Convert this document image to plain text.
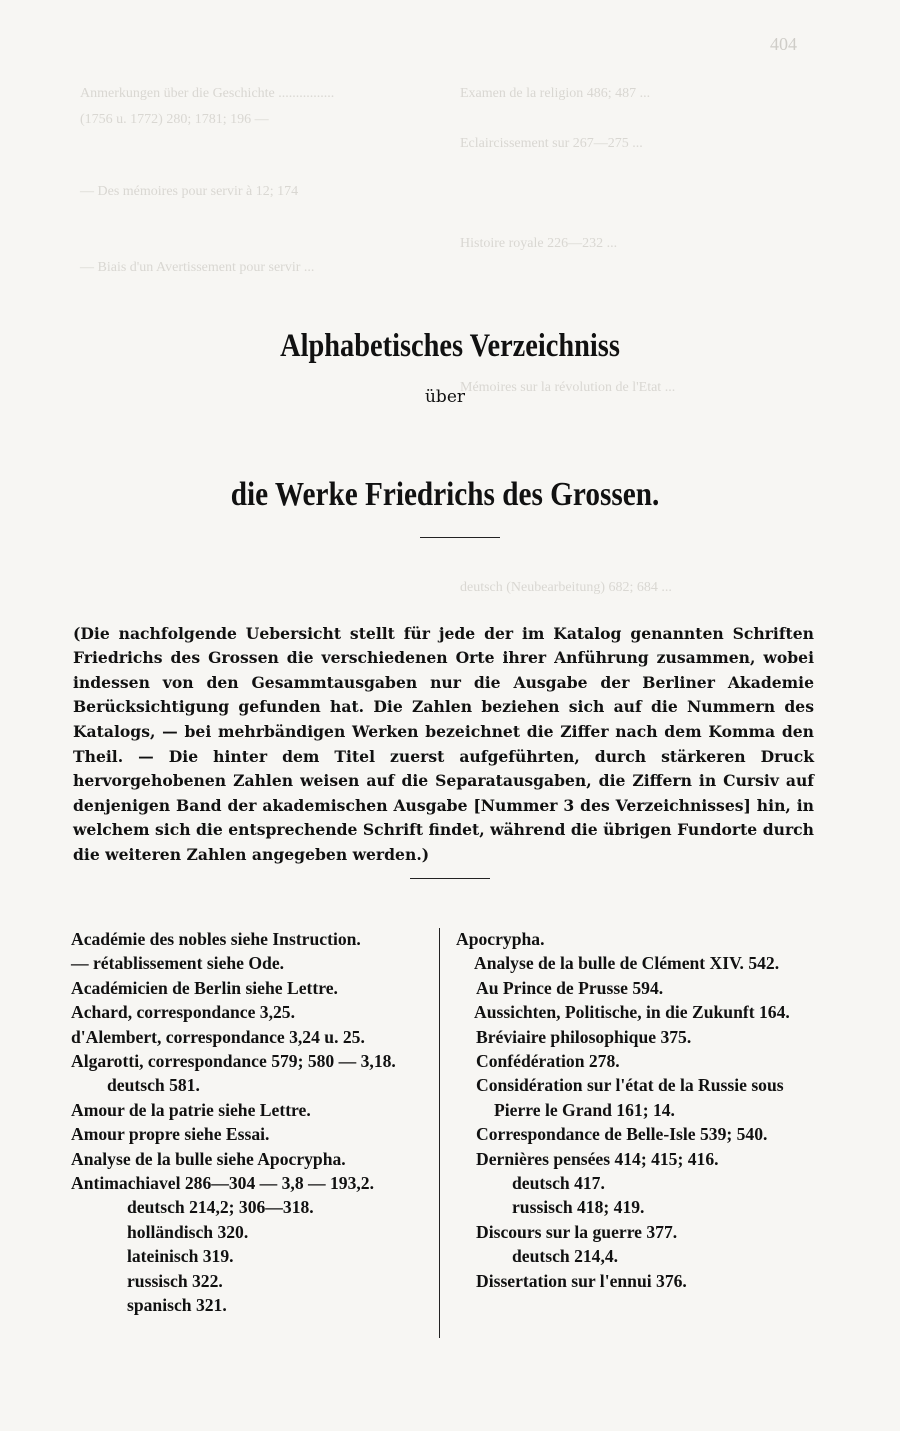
404
Anmerkungen über die Geschichte ................
(1756 u. 1772) 280; 1781; 196 —
— Des mémoires pour servir à 12; 174
— Biais d'un Avertissement pour servir ...
Examen de la religion 486; 487 ...
Eclaircissement sur 267—275 ...
Histoire royale 226—232 ...
Mémoires sur la révolution de l'Etat ...
deutsch (Neubearbeitung) 682; 684 ...
Alphabetisches Verzeichniss
über
die Werke Friedrichs des Grossen.

(Die nachfolgende Uebersicht stellt für jede der im Katalog genannten Schriften Friedrichs des Grossen die verschiedenen Orte ihrer Anführung zusammen, wobei indessen von den Gesammtausgaben nur die Ausgabe der Berliner Akademie Berücksichtigung gefunden hat. Die Zahlen beziehen sich auf die Nummern des Katalogs, — bei mehrbändigen Werken bezeichnet die Ziffer nach dem Komma den Theil. — Die hinter dem Titel zuerst aufgeführten, durch stärkeren Druck hervorgehobenen Zahlen weisen auf die Separatausgaben, die Ziffern in Cursiv auf denjenigen Band der akademischen Ausgabe [Nummer 3 des Verzeichnisses] hin, in welchem sich die entsprechende Schrift findet, während die übrigen Fundorte durch die weiteren Zahlen angegeben werden.)

Académie des nobles siehe Instruction.
— rétablissement siehe Ode.
Académicien de Berlin siehe Lettre.
Achard, correspondance 3,25.
d'Alembert, correspondance 3,24 u. 25.
Algarotti, correspondance 579; 580 — 3,18.
deutsch 581.
Amour de la patrie siehe Lettre.
Amour propre siehe Essai.
Analyse de la bulle siehe Apocrypha.
Antimachiavel 286—304 — 3,8 — 193,2.
deutsch 214,2; 306—318.
holländisch 320.
lateinisch 319.
russisch 322.
spanisch 321.
Apocrypha.
Analyse de la bulle de Clément XIV. 542.
Au Prince de Prusse 594.
Aussichten, Politische, in die Zukunft 164.
Bréviaire philosophique 375.
Confédération 278.
Considération sur l'état de la Russie sous Pierre le Grand 161; 14.
Correspondance de Belle-Isle 539; 540.
Dernières pensées 414; 415; 416.
deutsch 417.
russisch 418; 419.
Discours sur la guerre 377.
deutsch 214,4.
Dissertation sur l'ennui 376.
